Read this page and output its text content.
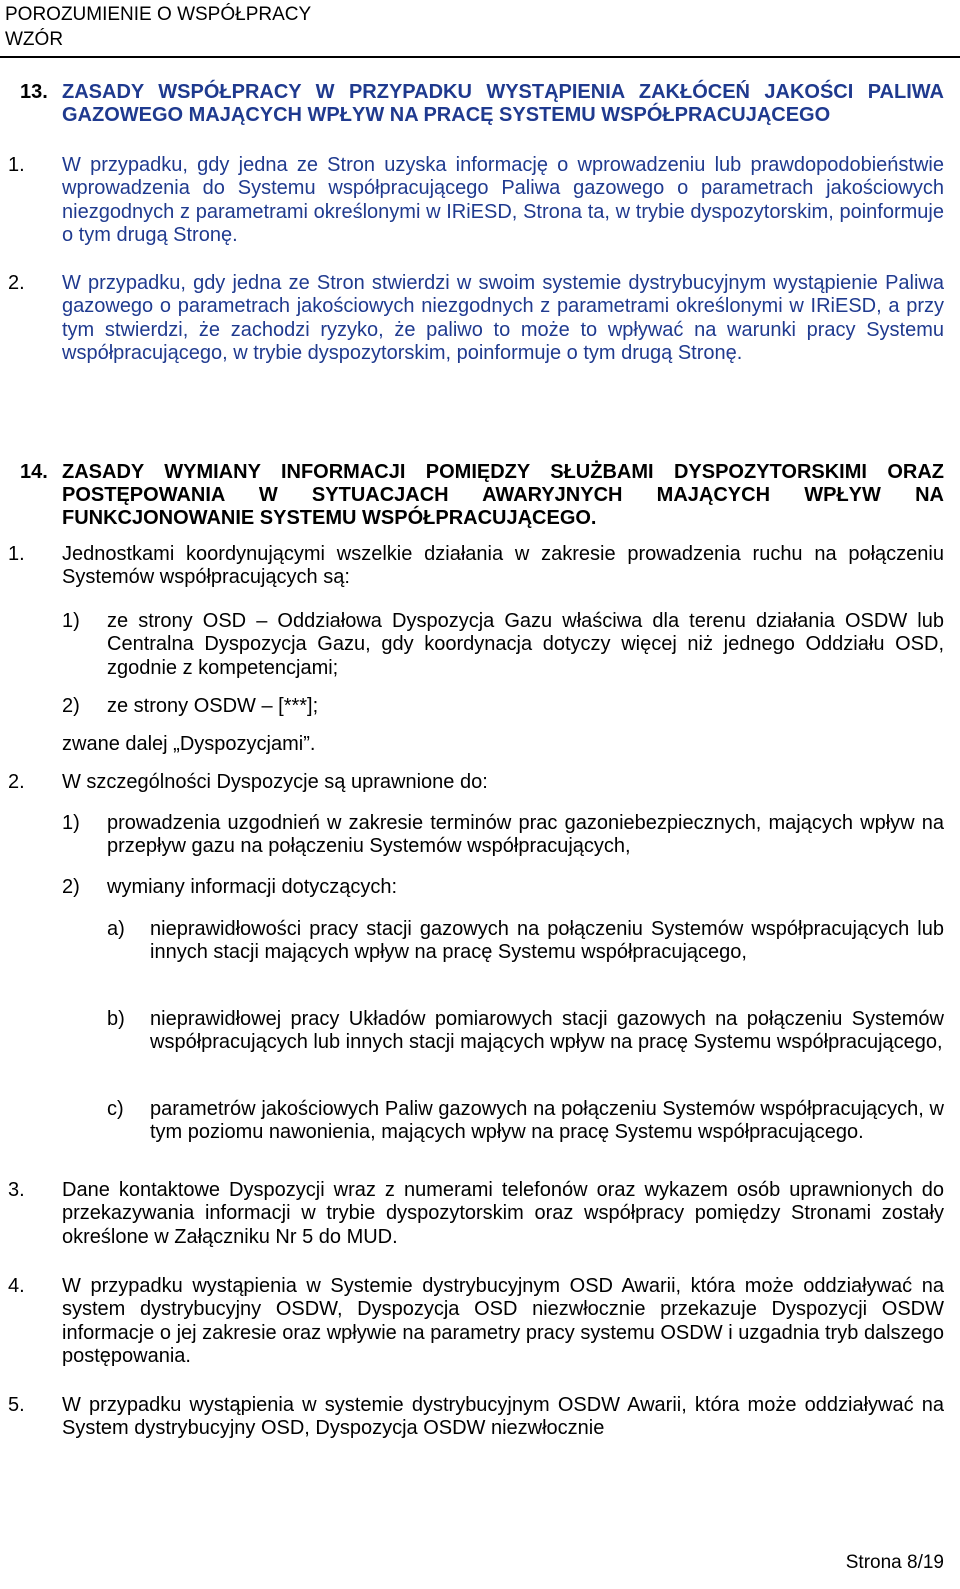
POROZUMIENIE O WSPÓŁPRACY
WZÓR
13. ZASADY WSPÓŁPRACY W PRZYPADKU WYSTĄPIENIA ZAKŁÓCEŃ JAKOŚCI PALIWA GAZOWEGO MAJĄCYCH WPŁYW NA PRACĘ SYSTEMU WSPÓŁPRACUJĄCEGO
1. W przypadku, gdy jedna ze Stron uzyska informację o wprowadzeniu lub prawdopodobieństwie wprowadzenia do Systemu współpracującego Paliwa gazowego o parametrach jakościowych niezgodnych z parametrami określonymi w IRiESD, Strona ta, w trybie dyspozytorskim, poinformuje o tym drugą Stronę.
2. W przypadku, gdy jedna ze Stron stwierdzi w swoim systemie dystrybucyjnym wystąpienie Paliwa gazowego o parametrach jakościowych niezgodnych z parametrami określonymi w IRiESD, a przy tym stwierdzi, że zachodzi ryzyko, że paliwo to może to wpływać na warunki pracy Systemu współpracującego, w trybie dyspozytorskim, poinformuje o tym drugą Stronę.
14. ZASADY WYMIANY INFORMACJI POMIĘDZY SŁUŻBAMI DYSPOZYTORSKIMI ORAZ POSTĘPOWANIA W SYTUACJACH AWARYJNYCH MAJĄCYCH WPŁYW NA FUNKCJONOWANIE SYSTEMU WSPÓŁPRACUJĄCEGO.
1. Jednostkami koordynującymi wszelkie działania w zakresie prowadzenia ruchu na połączeniu Systemów współpracujących są:
1) ze strony OSD – Oddziałowa Dyspozycja Gazu właściwa dla terenu działania OSDW lub Centralna Dyspozycja Gazu, gdy koordynacja dotyczy więcej niż jednego Oddziału OSD, zgodnie z kompetencjami;
2) ze strony OSDW – [***];
zwane dalej „Dyspozycjami”.
2. W szczególności Dyspozycje są uprawnione do:
1) prowadzenia uzgodnień w zakresie terminów prac gazoniebezpiecznych, mających wpływ na przepływ gazu na połączeniu Systemów współpracujących,
2) wymiany informacji dotyczących:
a) nieprawidłowości pracy stacji gazowych na połączeniu Systemów współpracujących lub innych stacji mających wpływ na pracę Systemu współpracującego,
b) nieprawidłowej pracy Układów pomiarowych stacji gazowych na połączeniu Systemów współpracujących lub innych stacji mających wpływ na pracę Systemu współpracującego,
c) parametrów jakościowych Paliw gazowych na połączeniu Systemów współpracujących, w tym poziomu nawonienia, mających wpływ na pracę Systemu współpracującego.
3. Dane kontaktowe Dyspozycji wraz z numerami telefonów oraz wykazem osób uprawnionych do przekazywania informacji w trybie dyspozytorskim oraz współpracy pomiędzy Stronami zostały określone w Załączniku Nr 5 do MUD.
4. W przypadku wystąpienia w Systemie dystrybucyjnym OSD Awarii, która może oddziaływać na system dystrybucyjny OSDW, Dyspozycja OSD niezwłocznie przekazuje Dyspozycji OSDW informacje o jej zakresie oraz wpływie na parametry pracy systemu OSDW i uzgadnia tryb dalszego postępowania.
5. W przypadku wystąpienia w systemie dystrybucyjnym OSDW Awarii, która może oddziaływać na System dystrybucyjny OSD, Dyspozycja OSDW niezwłocznie
Strona 8/19
